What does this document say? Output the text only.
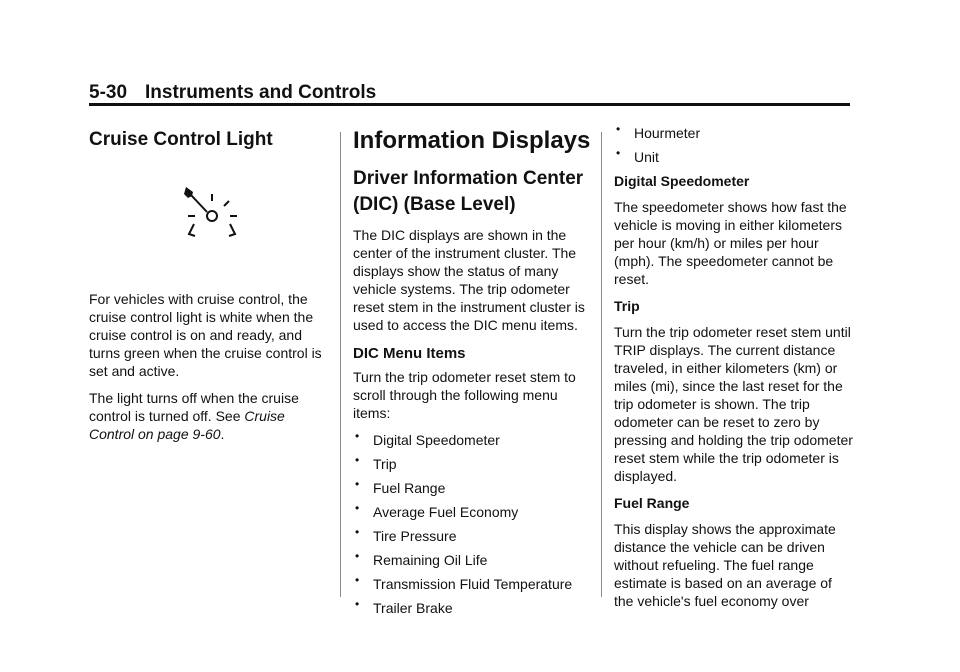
5-30 Instruments and Controls
Cruise Control Light

For vehicles with cruise control, the cruise control light is white when the cruise control is on and ready, and turns green when the cruise control is set and active.

The light turns off when the cruise control is turned off. See Cruise Control on page 9-60.

Information Displays
Driver Information Center (DIC) (Base Level)

The DIC displays are shown in the center of the instrument cluster. The displays show the status of many vehicle systems. The trip odometer reset stem in the instrument cluster is used to access the DIC menu items.

DIC Menu Items

Turn the trip odometer reset stem to scroll through the following menu items:

• Digital Speedometer
• Trip
• Fuel Range
• Average Fuel Economy
• Tire Pressure
• Remaining Oil Life
• Transmission Fluid Temperature
• Trailer Brake
• Hourmeter
• Unit
Digital Speedometer

The speedometer shows how fast the vehicle is moving in either kilometers per hour (km/h) or miles per hour (mph). The speedometer cannot be reset.

Trip

Turn the trip odometer reset stem until TRIP displays. The current distance traveled, in either kilometers (km) or miles (mi), since the last reset for the trip odometer is shown. The trip odometer can be reset to zero by pressing and holding the trip odometer reset stem while the trip odometer is displayed.

Fuel Range

This display shows the approximate distance the vehicle can be driven without refueling. The fuel range estimate is based on an average of the vehicle's fuel economy over
